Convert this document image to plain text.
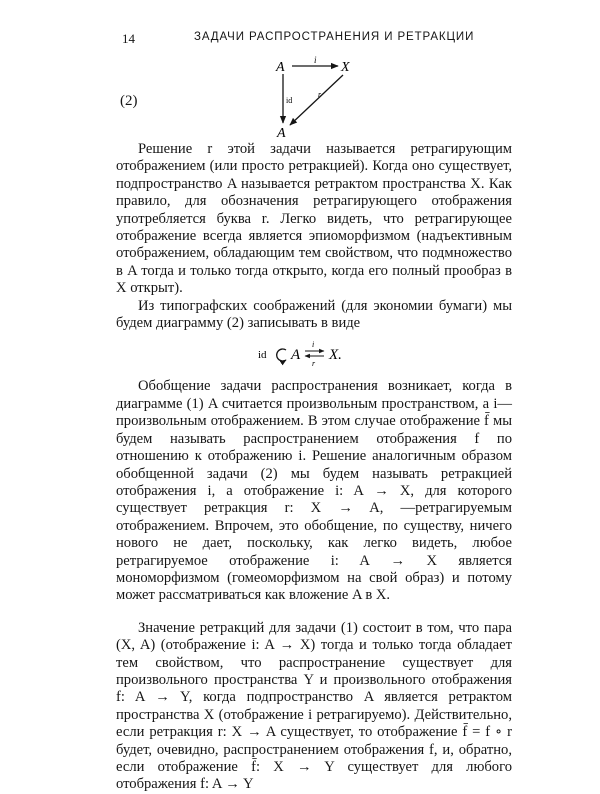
14	ЗАДАЧИ РАСПРОСТРАНЕНИЯ И РЕТРАКЦИИ
(2)
A	X
A
i
id
r

Решение r этой задачи называется ретрагирующим отображением (или просто ретракцией). Когда оно существует, подпространство A называется ретрактом пространства X. Как правило, для обозначения ретрагирующего отображения употребляется буква r. Легко видеть, что ретрагирующее отображение всегда является эпиоморфизмом (надъективным отображением, обладающим тем свойством, что подмножество в A тогда и только тогда открыто, когда его полный прообраз в X открыт).

Из типографских соображений (для экономии бумаги) мы будем диаграмму (2) записывать в виде

id A
i
r
X.

Обобщение задачи распространения возникает, когда в диаграмме (1) A считается произвольным пространством, а i—произвольным отображением. В этом случае отображение f̄ мы будем называть распространением отображения f по отношению к отображению i. Решение аналогичным образом обобщенной задачи (2) мы будем называть ретракцией отображения i, а отображение i: A → X, для которого существует ретракция r: X → A, —ретрагируемым отображением. Впрочем, это обобщение, по существу, ничего нового не дает, поскольку, как легко видеть, любое ретрагируемое отображение i: A → X является мономорфизмом (гомеоморфизмом на свой образ) и потому может рассматриваться как вложение A в X.

Значение ретракций для задачи (1) состоит в том, что пара (X, A) (отображение i: A → X) тогда и только тогда обладает тем свойством, что распространение существует для произвольного пространства Y и произвольного отображения f: A → Y, когда подпространство A является ретрактом пространства X (отображение i ретрагируемо). Действительно, если ретракция r: X → A существует, то отображение f̄ = f ∘ r будет, очевидно, распространением отображения f, и, обратно, если отображение f̄: X → Y существует для любого отображения f: A → Y
